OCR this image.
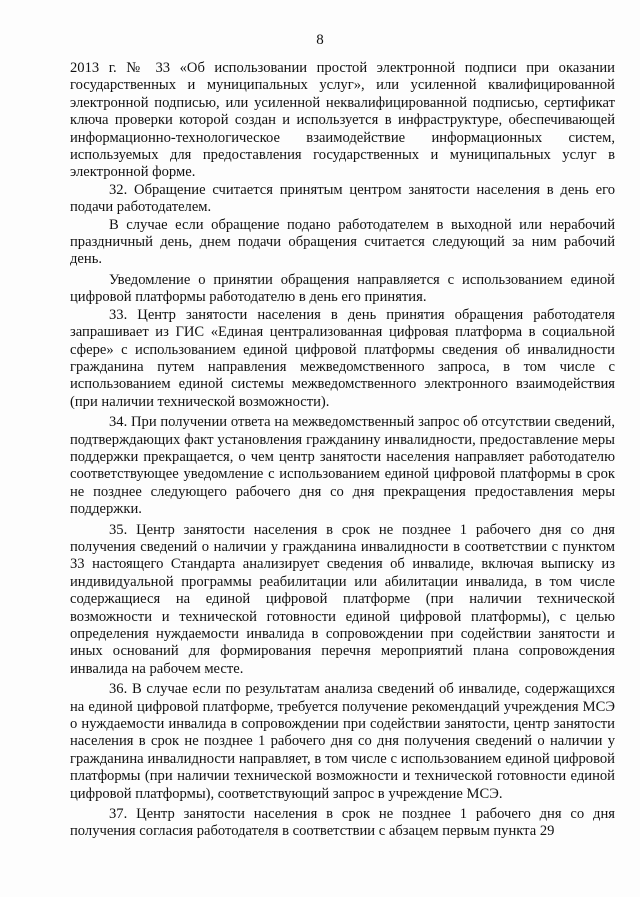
8

2013 г. № 33 «Об использовании простой электронной подписи при оказании государственных и муниципальных услуг», или усиленной квалифицированной электронной подписью, или усиленной неквалифицированной подписью, сертификат ключа проверки которой создан и используется в инфраструктуре, обеспечивающей информационно-технологическое взаимодействие информационных систем, используемых для предоставления государственных и муниципальных услуг в электронной форме.

32. Обращение считается принятым центром занятости населения в день его подачи работодателем.

В случае если обращение подано работодателем в выходной или нерабочий праздничный день, днем подачи обращения считается следующий за ним рабочий день.

Уведомление о принятии обращения направляется с использованием единой цифровой платформы работодателю в день его принятия.

33. Центр занятости населения в день принятия обращения работодателя запрашивает из ГИС «Единая централизованная цифровая платформа в социальной сфере» с использованием единой цифровой платформы сведения об инвалидности гражданина путем направления межведомственного запроса, в том числе с использованием единой системы межведомственного электронного взаимодействия (при наличии технической возможности).

34. При получении ответа на межведомственный запрос об отсутствии сведений, подтверждающих факт установления гражданину инвалидности, предоставление меры поддержки прекращается, о чем центр занятости населения направляет работодателю соответствующее уведомление с использованием единой цифровой платформы в срок не позднее следующего рабочего дня со дня прекращения предоставления меры поддержки.

35. Центр занятости населения в срок не позднее 1 рабочего дня со дня получения сведений о наличии у гражданина инвалидности в соответствии с пунктом 33 настоящего Стандарта анализирует сведения об инвалиде, включая выписку из индивидуальной программы реабилитации или абилитации инвалида, в том числе содержащиеся на единой цифровой платформе (при наличии технической возможности и технической готовности единой цифровой платформы), с целью определения нуждаемости инвалида в сопровождении при содействии занятости и иных оснований для формирования перечня мероприятий плана сопровождения инвалида на рабочем месте.

36. В случае если по результатам анализа сведений об инвалиде, содержащихся на единой цифровой платформе, требуется получение рекомендаций учреждения МСЭ о нуждаемости инвалида в сопровождении при содействии занятости, центр занятости населения в срок не позднее 1 рабочего дня со дня получения сведений о наличии у гражданина инвалидности направляет, в том числе с использованием единой цифровой платформы (при наличии технической возможности и технической готовности единой цифровой платформы), соответствующий запрос в учреждение МСЭ.

37. Центр занятости населения в срок не позднее 1 рабочего дня со дня получения согласия работодателя в соответствии с абзацем первым пункта 29
